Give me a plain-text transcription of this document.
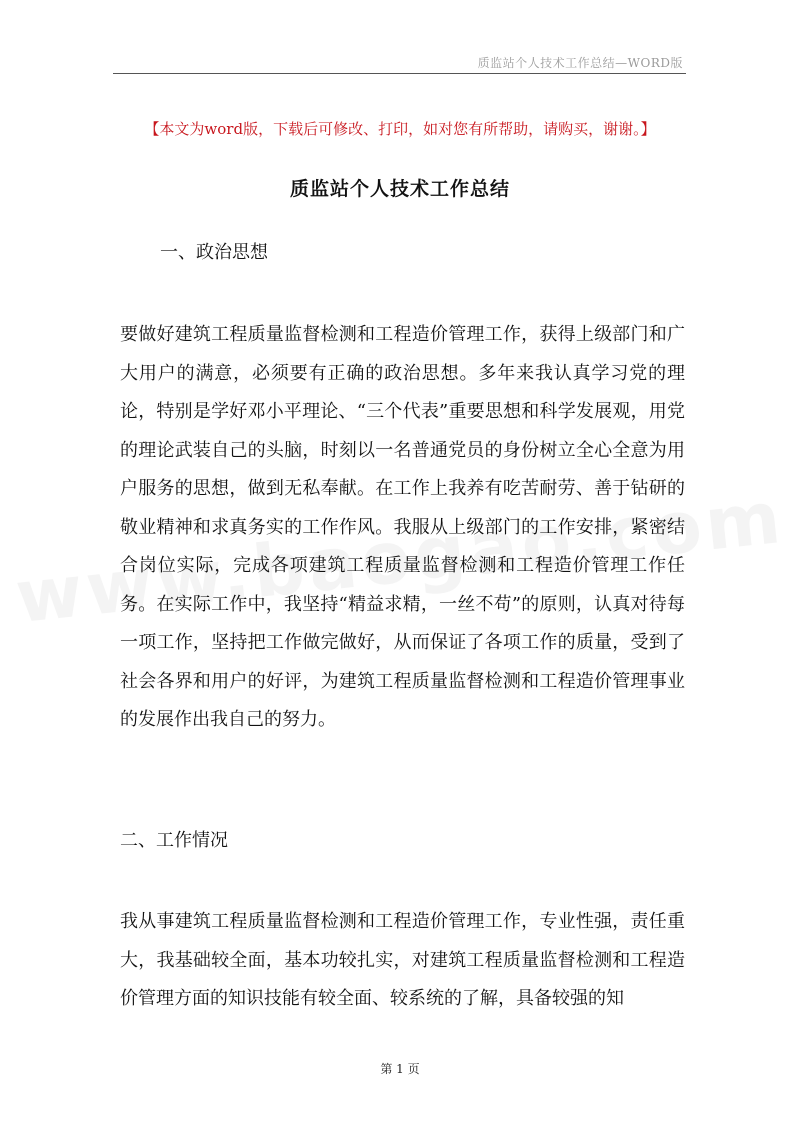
质监站个人技术工作总结—WORD版
【本文为word版，下载后可修改、打印，如对您有所帮助，请购买，谢谢。】
质监站个人技术工作总结
一、政治思想

要做好建筑工程质量监督检测和工程造价管理工作，获得上级部门和广大用户的满意，必须要有正确的政治思想。多年来我认真学习党的理论，特别是学好邓小平理论、“三个代表”重要思想和科学发展观，用党的理论武装自己的头脑，时刻以一名普通党员的身份树立全心全意为用户服务的思想，做到无私奉献。在工作上我养有吃苦耐劳、善于钻研的敬业精神和求真务实的工作作风。我服从上级部门的工作安排，紧密结合岗位实际，完成各项建筑工程质量监督检测和工程造价管理工作任务。在实际工作中，我坚持“精益求精，一丝不苟”的原则，认真对待每一项工作，坚持把工作做完做好，从而保证了各项工作的质量，受到了社会各界和用户的好评，为建筑工程质量监督检测和工程造价管理事业的发展作出我自己的努力。

二、工作情况

我从事建筑工程质量监督检测和工程造价管理工作，专业性强，责任重大，我基础较全面，基本功较扎实，对建筑工程质量监督检测和工程造价管理方面的知识技能有较全面、较系统的了解，具备较强的知

第 1 页
